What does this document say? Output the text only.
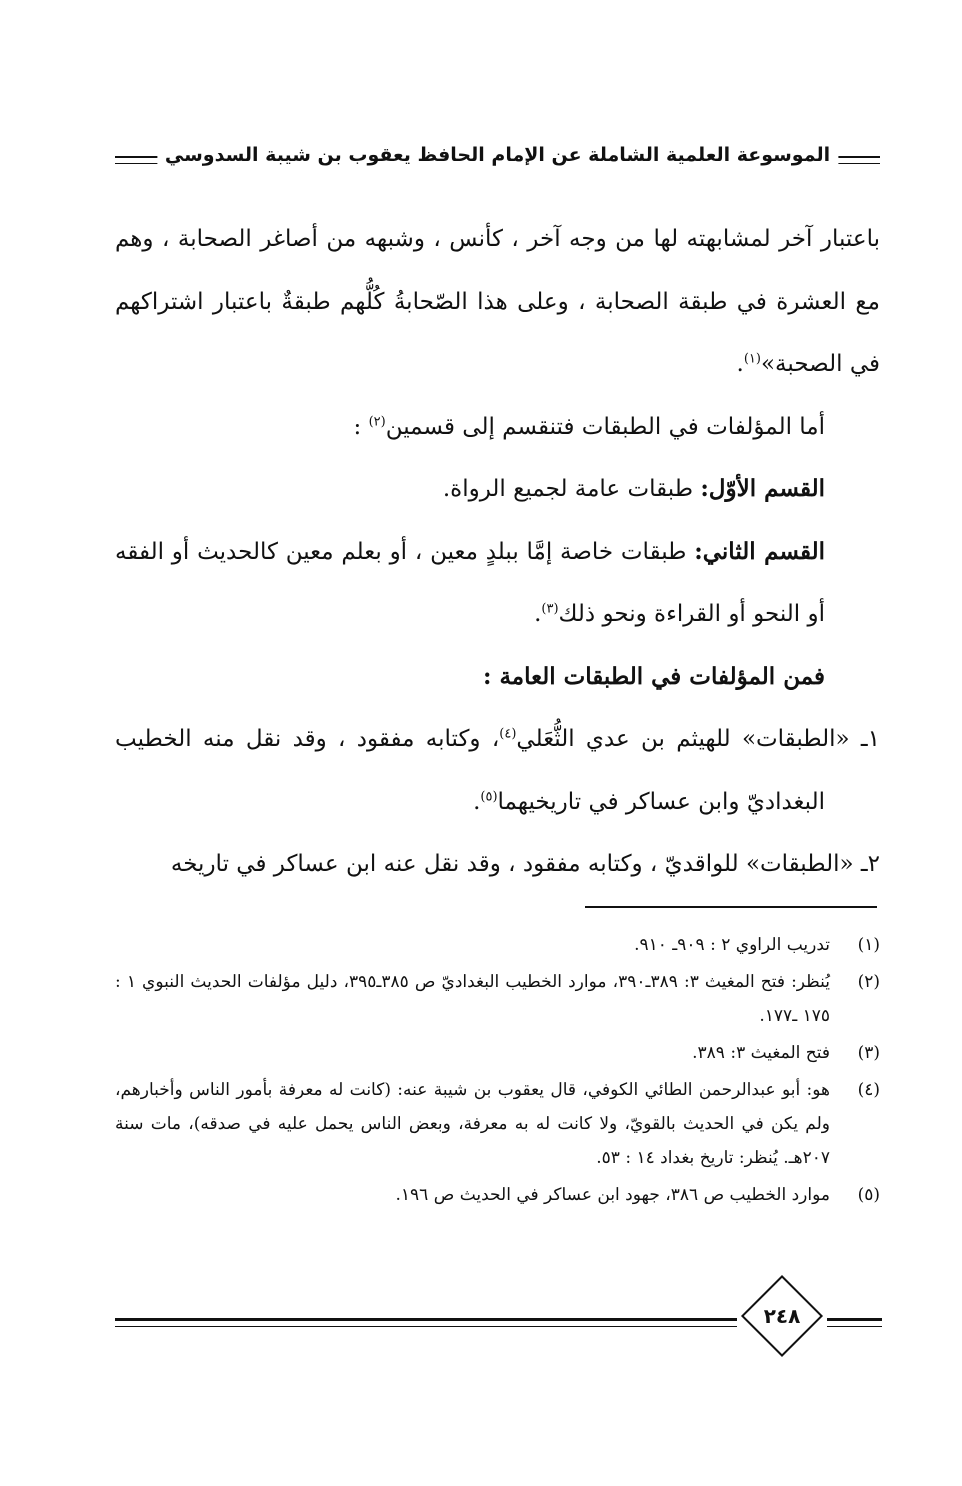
الموسوعة العلمية الشاملة عن الإمام الحافظ يعقوب بن شيبة السدوسي

باعتبار آخر لمشابهته لها من وجه آخر ، كأنس ، وشبهه من أصاغر الصحابة ، وهم مع العشرة في طبقة الصحابة ، وعلى هذا الصّحابةُ كُلُّهم طبقةٌ باعتبار اشتراكهم في الصحبة»$^{(١)}$.

أما المؤلفات في الطبقات فتنقسم إلى قسمين$^{(٢)}$ :

القسم الأوّل: طبقات عامة لجميع الرواة.

القسم الثاني: طبقات خاصة إمَّا ببلدٍ معين ، أو بعلم معين كالحديث أو الفقه أو النحو أو القراءة ونحو ذلك$^{(٣)}$.

فمن المؤلفات في الطبقات العامة :

١ـ «الطبقات» للهيثم بن عدي الثُّعَلي$^{(٤)}$، وكتابه مفقود ، وقد نقل منه الخطيب البغداديّ وابن عساكر في تاريخيهما$^{(٥)}$.

٢ـ «الطبقات» للواقديّ ، وكتابه مفقود ، وقد نقل عنه ابن عساكر في تاريخه

(١)
تدريب الراوي ٢ : ٩٠٩ـ ٩١٠.
(٢)
يُنظر: فتح المغيث ٣: ٣٨٩ـ٣٩٠، موارد الخطيب البغداديّ ص ٣٨٥ـ٣٩٥، دليل مؤلفات الحديث النبوي ١ : ١٧٥ ـ١٧٧.
(٣)
فتح المغيث ٣: ٣٨٩.
(٤)
هو: أبو عبدالرحمن الطائي الكوفي، قال يعقوب بن شيبة عنه: (كانت له معرفة بأمور الناس وأخبارهم، ولم يكن في الحديث بالقويّ، ولا كانت له به معرفة، وبعض الناس يحمل عليه في صدقه)، مات سنة ٢٠٧هـ. يُنظر: تاريخ بغداد ١٤ : ٥٣.
(٥)
موارد الخطيب ص ٣٨٦، جهود ابن عساكر في الحديث ص ١٩٦.
٢٤٨
